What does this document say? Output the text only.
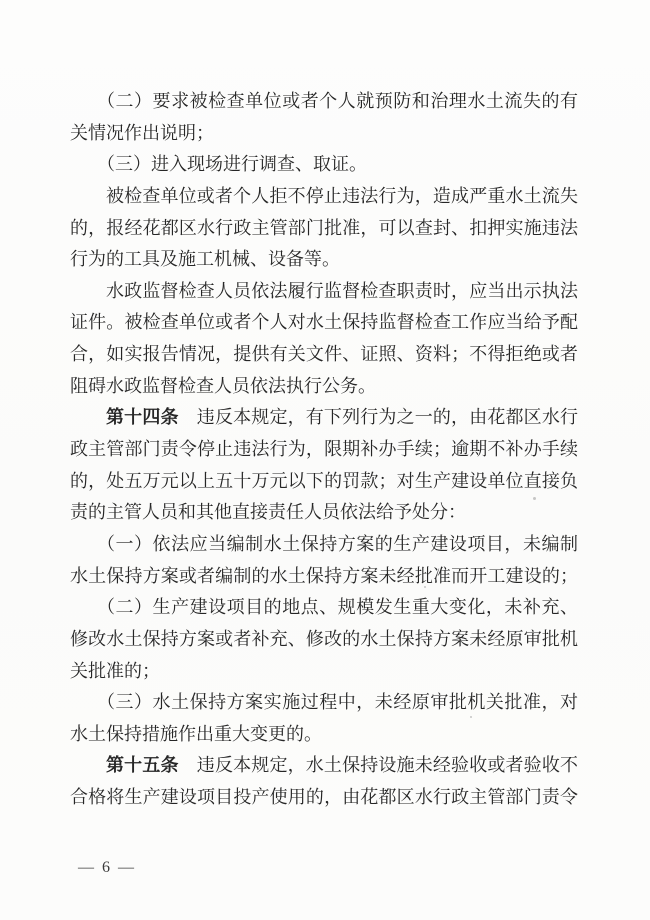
（二）要求被检查单位或者个人就预防和治理水土流失的有
关情况作出说明；
（三）进入现场进行调查、取证。
被检查单位或者个人拒不停止违法行为，造成严重水土流失
的，报经花都区水行政主管部门批准，可以查封、扣押实施违法
行为的工具及施工机械、设备等。
水政监督检查人员依法履行监督检查职责时，应当出示执法
证件。被检查单位或者个人对水土保持监督检查工作应当给予配
合，如实报告情况，提供有关文件、证照、资料；不得拒绝或者
阻碍水政监督检查人员依法执行公务。
第十四条　违反本规定，有下列行为之一的，由花都区水行
政主管部门责令停止违法行为，限期补办手续；逾期不补办手续
的，处五万元以上五十万元以下的罚款；对生产建设单位直接负
责的主管人员和其他直接责任人员依法给予处分：
（一）依法应当编制水土保持方案的生产建设项目，未编制
水土保持方案或者编制的水土保持方案未经批准而开工建设的；
（二）生产建设项目的地点、规模发生重大变化，未补充、
修改水土保持方案或者补充、修改的水土保持方案未经原审批机
关批准的；
（三）水土保持方案实施过程中，未经原审批机关批准，对
水土保持措施作出重大变更的。
第十五条　违反本规定，水土保持设施未经验收或者验收不
合格将生产建设项目投产使用的，由花都区水行政主管部门责令
— 6 —
